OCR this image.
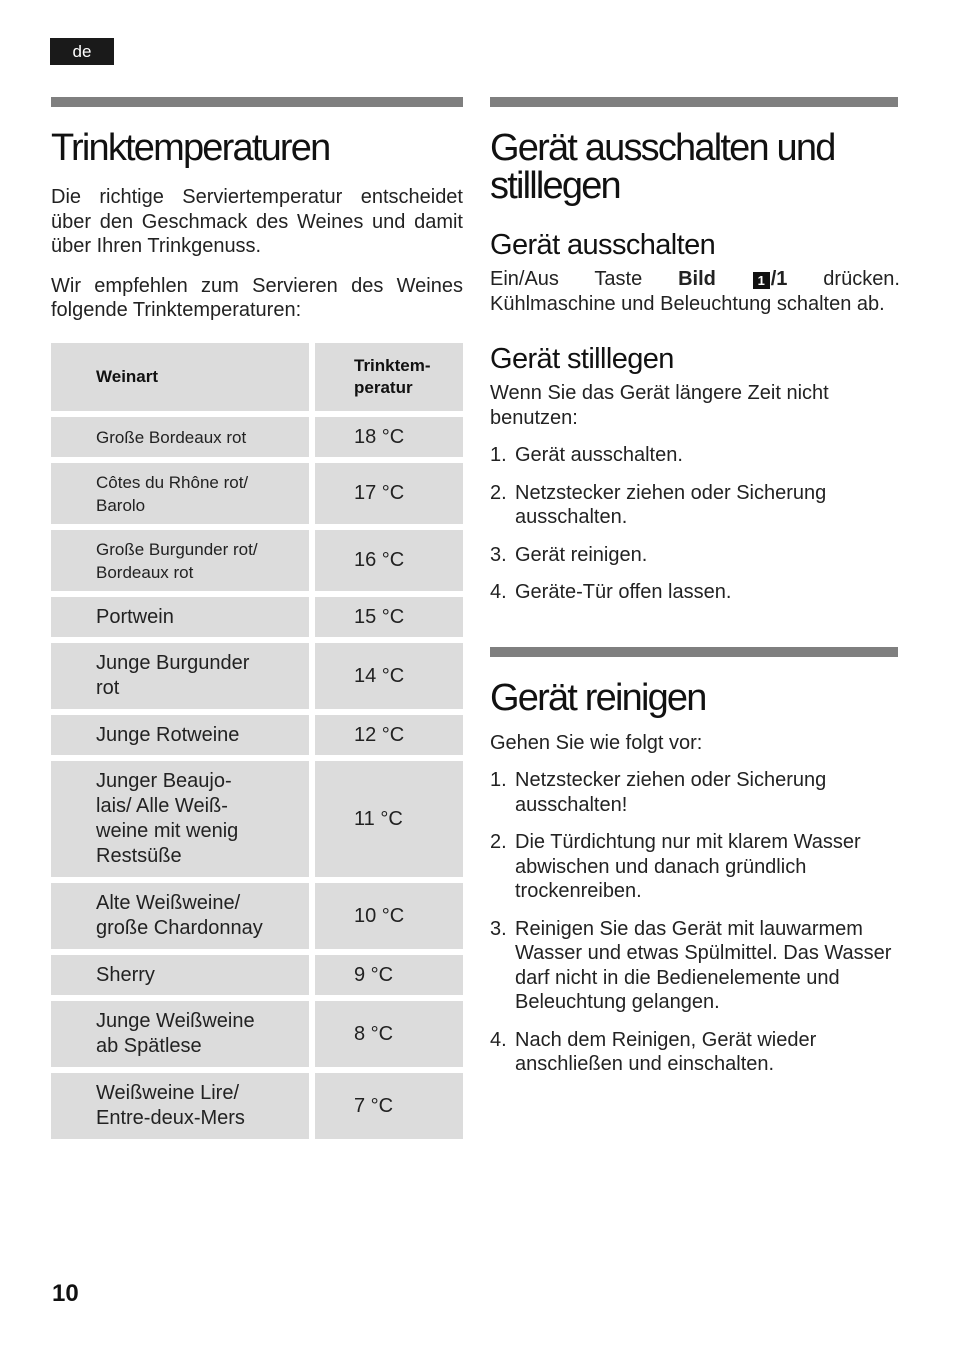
de
Trinktemperaturen

Die richtige Serviertemperatur entscheidet über den Geschmack des Weines und damit über Ihren Trinkgenuss.

Wir empfehlen zum Servieren des Weines folgende Trinktemperaturen:

Weinart	Trinktem-
peratur

Große Bordeaux rot	18 °C

Côtes du Rhône rot/ Barolo	17 °C

Große Burgunder rot/ Bordeaux rot	16 °C

Portwein	15 °C

Junge Burgunder rot	14 °C

Junge Rotweine	12 °C

Junger Beaujo-lais/ Alle Weiß-weine mit wenig Restsüße	11 °C

Alte Weißweine/ große Chardonnay	10 °C

Sherry	9 °C

Junge Weißweine ab Spätlese	8 °C

Weißweine Lire/ Entre-deux-Mers	7 °C
Gerät ausschalten und
stilllegen
Gerät ausschalten

Ein/Aus Taste Bild	1 /1 drücken. Kühlmaschine und Beleuchtung schalten ab.

Gerät stilllegen

Wenn Sie das Gerät längere Zeit nicht benutzen:

1. Gerät ausschalten.
2. Netzstecker ziehen oder Sicherung ausschalten.
3. Gerät reinigen.
4. Geräte-Tür offen lassen.
Gerät reinigen

Gehen Sie wie folgt vor:

1. Netzstecker ziehen oder Sicherung ausschalten!
2. Die Türdichtung nur mit klarem Wasser abwischen und danach gründlich trockenreiben.
3. Reinigen Sie das Gerät mit lauwarmem Wasser und etwas Spülmittel. Das Wasser darf nicht in die Bedienelemente und Beleuchtung gelangen.
4. Nach dem Reinigen, Gerät wieder anschließen und einschalten.
10
